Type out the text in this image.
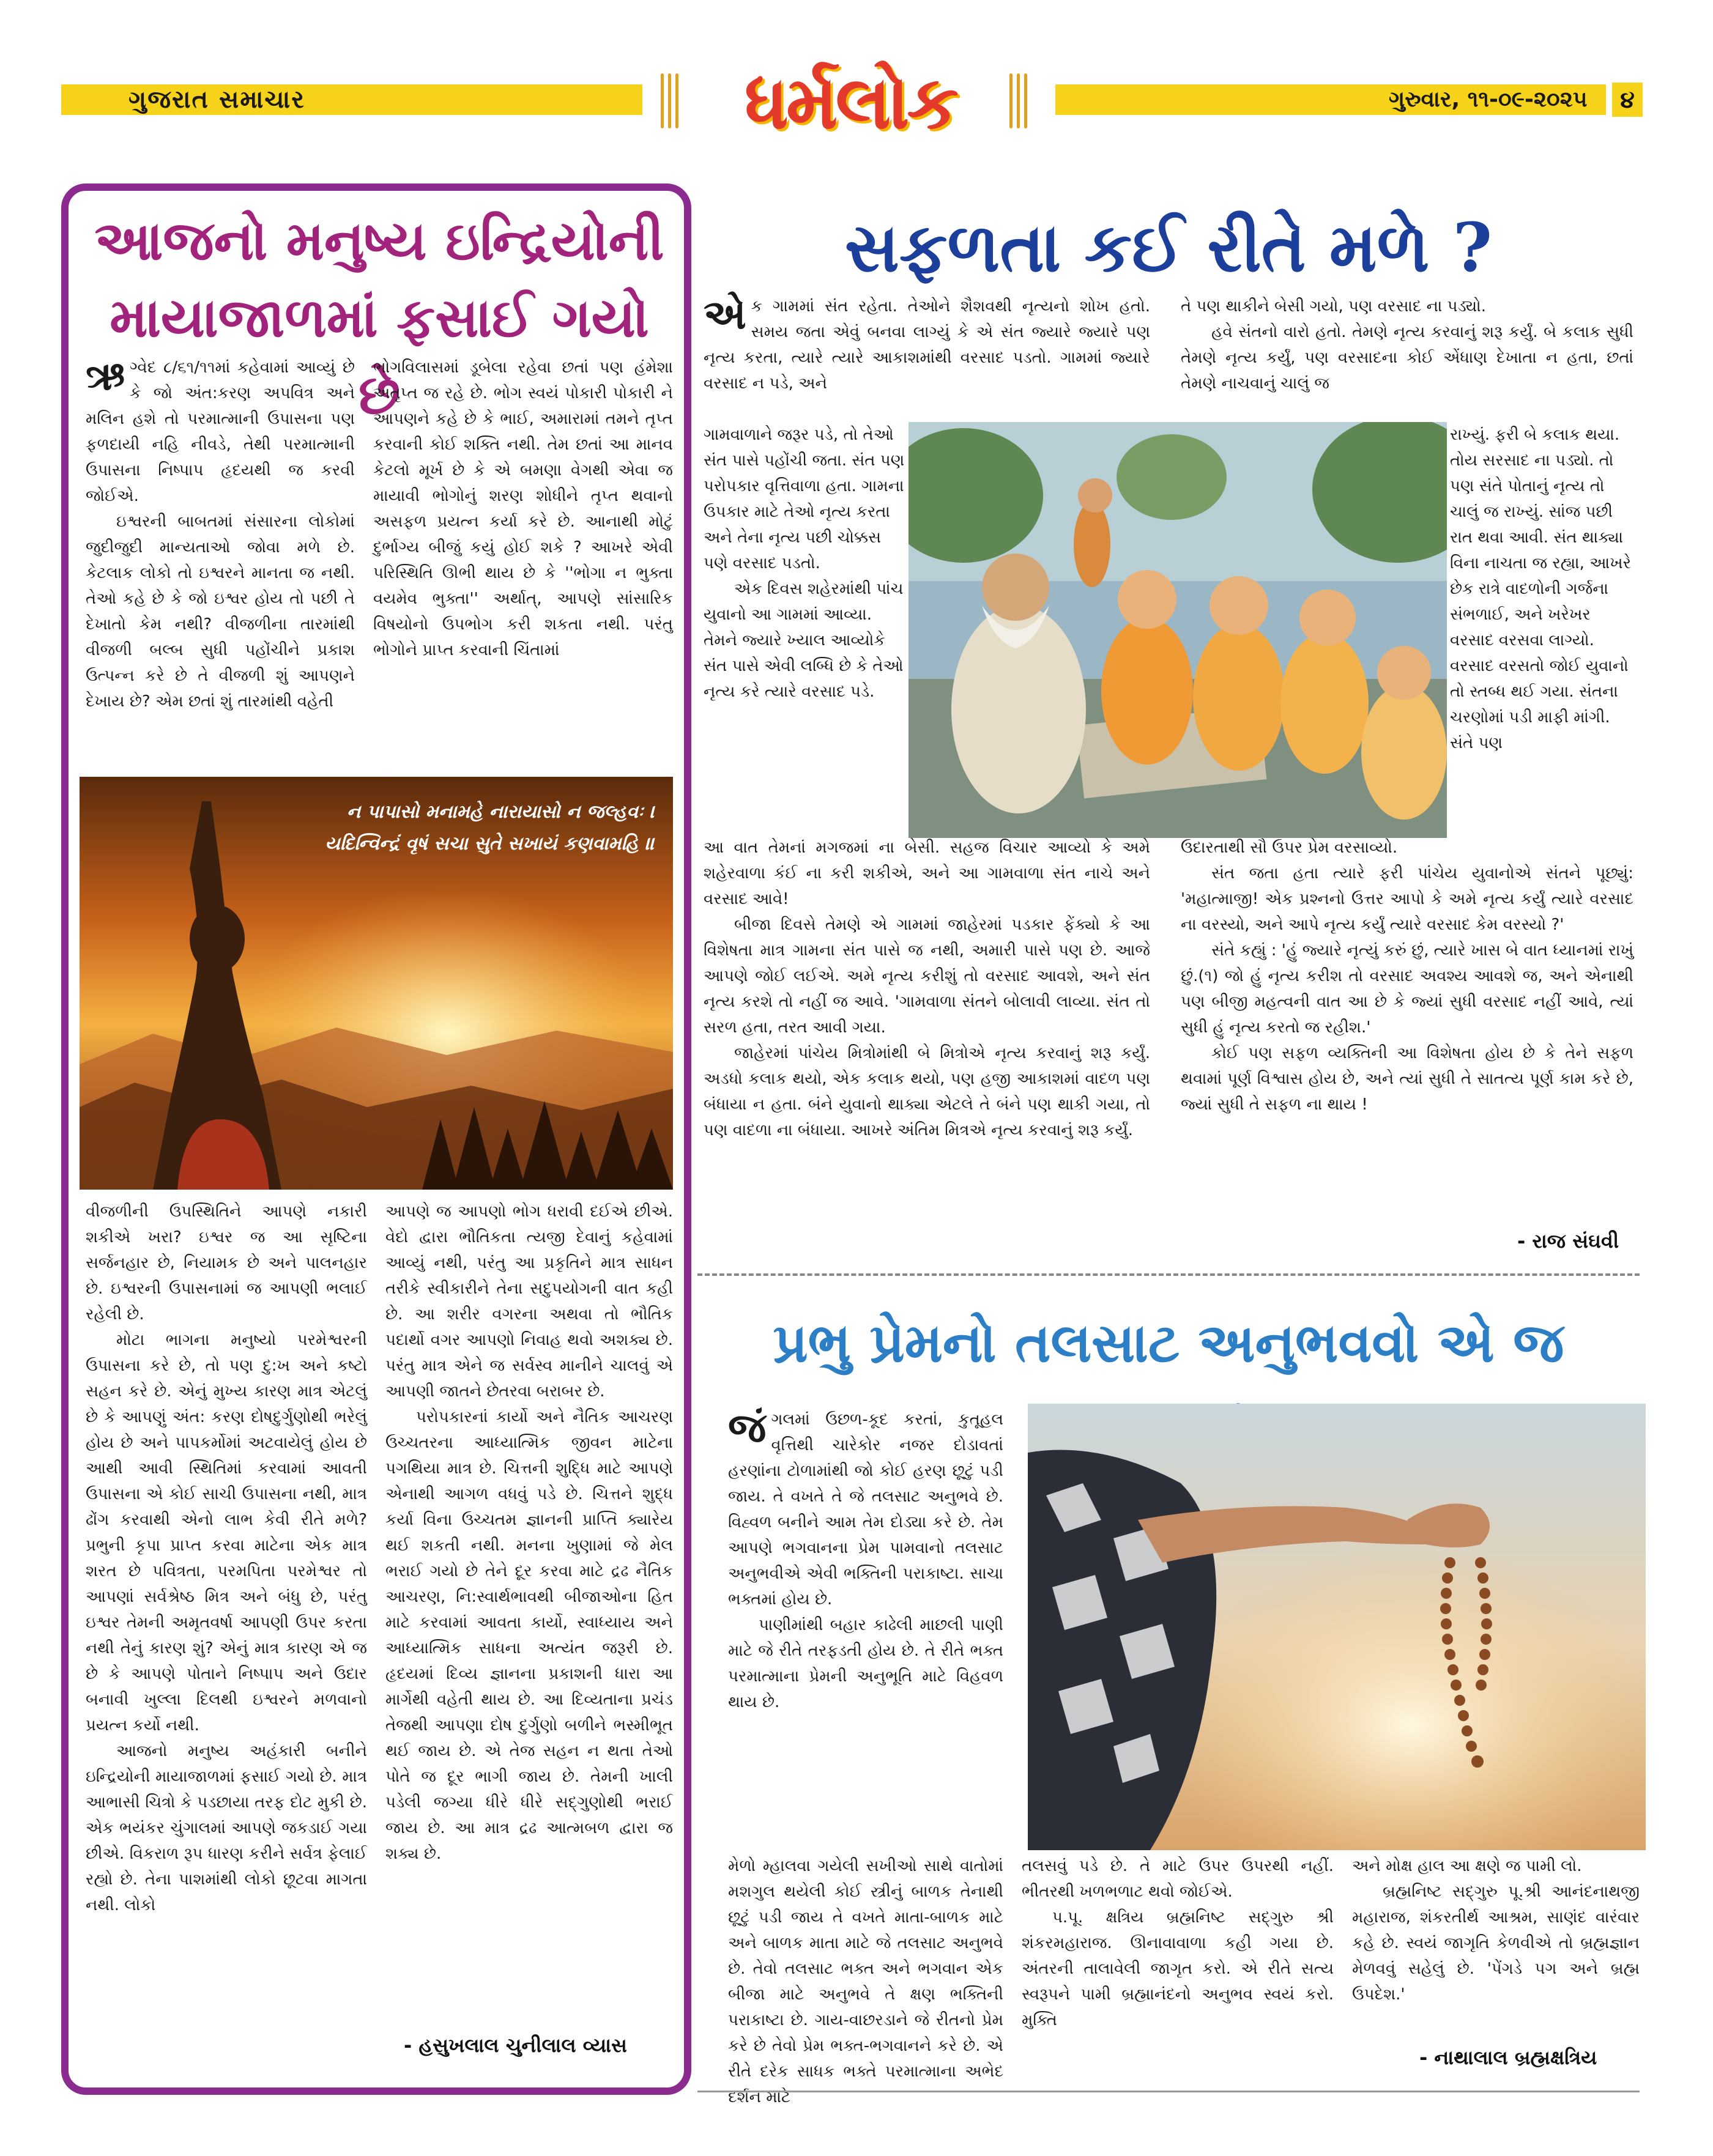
ગુજરાત સમાચાર	ધર્મલોક	ગુરુવાર, ૧૧-૦૯-૨૦૨૫	૪
આજનો મનુષ્ય ઇન્દ્રિયોની માયાજાળમાં ફસાઈ ગયો છે

ઋગ્વેદ ૮/૬૧/૧૧માં કહેવામાં આવ્યું છે કે જો અંત:કરણ અપવિત્ર અને મલિન હશે તો પરમાત્માની ઉપાસના પણ ફળદાયી નહિ નીવડે, તેથી પરમાત્માની ઉપાસના નિષ્પાપ હૃદયથી જ કરવી જોઈએ.

ઇશ્વરની બાબતમાં સંસારના લોકોમાં જુદીજુદી માન્યતાઓ જોવા મળે છે. કેટલાક લોકો તો ઇશ્વરને માનતા જ નથી. તેઓ કહે છે કે જો ઇશ્વર હોય તો પછી તે દેખાતો કેમ નથી? વીજળીના તારમાંથી વીજળી બલ્બ સુધી પહોંચીને પ્રકાશ ઉત્પન્ન કરે છે તે વીજળી શું આપણને દેખાય છે? એમ છતાં શું તારમાંથી વહેતી

ભોગવિલાસમાં ડૂબેલા રહેવા છતાં પણ હંમેશા અતૃપ્ત જ રહે છે. ભોગ સ્વયં પોકારી પોકારી ને આપણને કહે છે કે ભાઈ, અમારામાં તમને તૃપ્ત કરવાની કોઈ શક્તિ નથી. તેમ છતાં આ માનવ કેટલો મૂર્ખ છે કે એ બમણા વેગથી એવા જ માયાવી ભોગોનું શરણ શોધીને તૃપ્ત થવાનો અસફળ પ્રયત્ન કર્યા કરે છે. આનાથી મોટું દુર્ભાગ્ય બીજું કયું હોઈ શકે ? આખરે એવી પરિસ્થિતિ ઊભી થાય છે કે ''ભોગા ન ભુક્તા વયમેવ ભુક્તા'' અર્થાત્, આપણે સાંસારિક વિષયોનો ઉપભોગ કરી શકતા નથી. પરંતુ ભોગોને પ્રાપ્ત કરવાની ચિંતામાં

ન પાપાસો મનામહે નારાયાસો ન જલ્હવઃ ।
યદિન્વિન્દ્રં વૃષં સચા સુતે સખાયં કણવામહિ ॥

વીજળીની ઉપસ્થિતિને આપણે નકારી શકીએ ખરા? ઇશ્વર જ આ સૃષ્ટિના સર્જનહાર છે, નિયામક છે અને પાલનહાર છે. ઇશ્વરની ઉપાસનામાં જ આપણી ભલાઈ રહેલી છે.

મોટા ભાગના મનુષ્યો પરમેશ્વરની ઉપાસના કરે છે, તો પણ દુ:ખ અને કષ્ટો સહન કરે છે. એનું મુખ્ય કારણ માત્ર એટલું છે કે આપણું અંત: કરણ દોષદુર્ગુણોથી ભરેલું હોય છે અને પાપકર્મોમાં અટવાયેલું હોય છે આથી આવી સ્થિતિમાં કરવામાં આવતી ઉપાસના એ કોઈ સાચી ઉપાસના નથી, માત્ર ઢોંગ કરવાથી એનો લાભ કેવી રીતે મળે? પ્રભુની કૃપા પ્રાપ્ત કરવા માટેના એક માત્ર શરત છે પવિત્રતા, પરમપિતા પરમેશ્વર તો આપણાં સર્વશ્રેષ્ઠ મિત્ર અને બંધુ છે, પરંતુ ઇશ્વર તેમની અમૃતવર્ષા આપણી ઉપર કરતા નથી તેનું કારણ શું? એનું માત્ર કારણ એ જ છે કે આપણે પોતાને નિષ્પાપ અને ઉદાર બનાવી ખુલ્લા દિલથી ઇશ્વરને મળવાનો પ્રયત્ન કર્યો નથી.

આજનો મનુષ્ય અહંકારી બનીને ઇન્દ્રિયોની માયાજાળમાં ફસાઈ ગયો છે. માત્ર આભાસી ચિત્રો કે પડછાયા તરફ દોટ મુકી છે. એક ભયંકર ચુંગાલમાં આપણે જકડાઈ ગયા છીએ. વિકરાળ રૂપ ધારણ કરીને સર્વત્ર ફેલાઈ રહ્યો છે. તેના પાશમાંથી લોકો છૂટવા માગતા નથી. લોકો

આપણે જ આપણો ભોગ ધરાવી દઈએ છીએ. વેદો દ્વારા ભૌતિકતા ત્યજી દેવાનું કહેવામાં આવ્યું નથી, પરંતુ આ પ્રકૃતિને માત્ર સાધન તરીકે સ્વીકારીને તેના સદુપયોગની વાત કહી છે. આ શરીર વગરના અથવા તો ભૌતિક પદાર્થો વગર આપણો નિવાહ થવો અશક્ય છે. પરંતુ માત્ર એને જ સર્વસ્વ માનીને ચાલવું એ આપણી જાતને છેતરવા બરાબર છે.

પરોપકારનાં કાર્યો અને નૈતિક આચરણ ઉચ્ચતરના આધ્યાત્મિક જીવન માટેના પગથિયા માત્ર છે. ચિત્તની શુદ્ધિ માટે આપણે એનાથી આગળ વધવું પડે છે. ચિત્તને શુદ્ધ કર્યા વિના ઉચ્ચતમ જ્ઞાનની પ્રાપ્તિ ક્યારેય થઈ શકતી નથી. મનના ખુણામાં જે મેલ ભરાઈ ગયો છે તેને દૂર કરવા માટે દ્રઢ નૈતિક આચરણ, નિ:સ્વાર્થભાવથી બીજાઓના હિત માટે કરવામાં આવતા કાર્યો, સ્વાધ્યાય અને આધ્યાત્મિક સાધના અત્યંત જરૂરી છે. હૃદયમાં દિવ્ય જ્ઞાનના પ્રકાશની ધારા આ માર્ગેથી વહેતી થાય છે. આ દિવ્યતાના પ્રચંડ તેજથી આપણા દોષ દુર્ગુણો બળીને ભસ્મીભૂત થઈ જાય છે. એ તેજ સહન ન થતા તેઓ પોતે જ દૂર ભાગી જાય છે. તેમની ખાલી પડેલી જગ્યા ધીરે ધીરે સદ્ગુણોથી ભરાઈ જાય છે. આ માત્ર દ્રઢ આત્મબળ દ્વારા જ શક્ય છે.

- હસુખલાલ ચુનીલાલ વ્યાસ
સફળતા કઈ રીતે મળે ?

એક ગામમાં સંત રહેતા. તેઓને શૈશવથી નૃત્યનો શોખ હતો. સમય જતા એવું બનવા લાગ્યું કે એ સંત જ્યારે જ્યારે પણ નૃત્ય કરતા, ત્યારે ત્યારે આકાશમાંથી વરસાદ પડતો. ગામમાં જ્યારે વરસાદ ન પડે, અને

તે પણ થાકીને બેસી ગયો, પણ વરસાદ ના પડ્યો.

હવે સંતનો વારો હતો. તેમણે નૃત્ય કરવાનું શરૂ કર્યું. બે કલાક સુધી તેમણે નૃત્ય કર્યું, પણ વરસાદના કોઈ એંધાણ દેખાતા ન હતા, છતાં તેમણે નાચવાનું ચાલું જ

ગામવાળાને જરૂર પડે, તો તેઓ સંત પાસે પહોંચી જતા. સંત પણ પરોપકાર વૃત્તિવાળા હતા. ગામના ઉપકાર માટે તેઓ નૃત્ય કરતા અને તેના નૃત્ય પછી ચોક્કસ પણે વરસાદ પડતો.

એક દિવસ શહેરમાંથી પાંચ યુવાનો આ ગામમાં આવ્યા. તેમને જ્યારે ખ્યાલ આવ્યોકે સંત પાસે એવી લબ્ધિ છે કે તેઓ નૃત્ય કરે ત્યારે વરસાદ પડે.

રાખ્યું. ફરી બે કલાક થયા. તોય સરસાદ ના પડ્યો. તો પણ સંતે પોતાનું નૃત્ય તો ચાલું જ રાખ્યું. સાંજ પછી રાત થવા આવી. સંત થાક્યા વિના નાચતા જ રહ્યા, આખરે છેક રાત્રે વાદળોની ગર્જના સંભળાઈ, અને ખરેખર વરસાદ વરસવા લાગ્યો. વરસાદ વરસતો જોઈ યુવાનો તો સ્તબ્ધ થઈ ગયા. સંતના ચરણોમાં પડી માફી માંગી. સંતે પણ

આ વાત તેમનાં મગજમાં ના બેસી. સહજ વિચાર આવ્યો કે અમે શહેરવાળા કંઈ ના કરી શકીએ, અને આ ગામવાળા સંત નાચે અને વરસાદ આવે!

બીજા દિવસે તેમણે એ ગામમાં જાહેરમાં પડકાર ફેંક્યો કે આ વિશેષતા માત્ર ગામના સંત પાસે જ નથી, અમારી પાસે પણ છે. આજે આપણે જોઈ લઈએ. અમે નૃત્ય કરીશું તો વરસાદ આવશે, અને સંત નૃત્ય કરશે તો નહીં જ આવે. 'ગામવાળા સંતને બોલાવી લાવ્યા. સંત તો સરળ હતા, તરત આવી ગયા.

જાહેરમાં પાંચેય મિત્રોમાંથી બે મિત્રોએ નૃત્ય કરવાનું શરૂ કર્યું. અડધો કલાક થયો, એક કલાક થયો, પણ હજી આકાશમાં વાદળ પણ બંધાયા ન હતા. બંને યુવાનો થાક્યા એટલે તે બંને પણ થાકી ગયા, તો પણ વાદળા ના બંધાયા. આખરે અંતિમ મિત્રએ નૃત્ય કરવાનું શરૂ કર્યું.

ઉદારતાથી સૌ ઉપર પ્રેમ વરસાવ્યો.

સંત જતા હતા ત્યારે ફરી પાંચેય યુવાનોએ સંતને પૂછ્યું: 'મહાત્માજી! એક પ્રશ્નનો ઉત્તર આપો કે અમે નૃત્ય કર્યું ત્યારે વરસાદ ના વરસ્યો, અને આપે નૃત્ય કર્યું ત્યારે વરસાદ કેમ વરસ્યો ?'

સંતે કહ્યું : 'હું જ્યારે નૃત્યું કરું છું, ત્યારે ખાસ બે વાત ધ્યાનમાં રાખું છું.(૧) જો હું નૃત્ય કરીશ તો વરસાદ અવશ્ય આવશે જ, અને એનાથી પણ બીજી મહત્વની વાત આ છે કે જ્યાં સુધી વરસાદ નહીં આવે, ત્યાં સુધી હું નૃત્ય કરતો જ રહીશ.'

કોઈ પણ સફળ વ્યક્તિની આ વિશેષતા હોય છે કે તેને સફળ થવામાં પૂર્ણ વિશ્વાસ હોય છે, અને ત્યાં સુધી તે સાતત્ય પૂર્ણ કામ કરે છે, જ્યાં સુધી તે સફળ ના થાય !

- રાજ સંઘવી
પ્રભુ પ્રેમનો તલસાટ અનુભવવો એ જ

જંગલમાં ઉછળ-કૂદ કરતાં, કુતૂહલ વૃત્તિથી ચારેકોર નજર દોડાવતાં હરણાંના ટોળામાંથી જો કોઈ હરણ છૂટું પડી જાય. તે વખતે તે જે તલસાટ અનુભવે છે. વિહ્વળ બનીને આમ તેમ દોડ્યા કરે છે. તેમ આપણે ભગવાનના પ્રેમ પામવાનો તલસાટ અનુભવીએ એવી ભક્તિની પરાકાષ્ટા. સાચા ભક્તમાં હોય છે.

પાણીમાંથી બહાર કાઢેલી માછલી પાણી માટે જે રીતે તરફડતી હોય છે. તે રીતે ભક્ત પરમાત્માના પ્રેમની અનુભૂતિ માટે વિહવળ થાય છે.

મેળો મ્હાલવા ગયેલી સખીઓ સાથે વાતોમાં મશગુલ થયેલી કોઈ સ્ત્રીનું બાળક તેનાથી છૂટું પડી જાય તે વખતે માતા-બાળક માટે અને બાળક માતા માટે જે તલસાટ અનુભવે છે. તેવો તલસાટ ભક્ત અને ભગવાન એક બીજા માટે અનુભવે તે ક્ષણ ભક્તિની પરાકાષ્ટા છે. ગાય-વાછરડાને જે રીતનો પ્રેમ કરે છે તેવો પ્રેમ ભક્ત-ભગવાનને કરે છે. એ રીતે દરેક સાધક ભક્તે પરમાત્માના અભેદ દર્શન માટે

તલસવું પડે છે. તે માટે ઉપર ઉપરથી નહીં. ભીતરથી ખળભળાટ થવો જોઈએ.

પ.પૂ. ક્ષત્રિય બ્રહ્મનિષ્ટ સદ્ગુરુ શ્રી શંકરમહારાજ. ઊનાવાવાળા કહી ગયા છે. અંતરની તાલાવેલી જાગૃત કરો. એ રીતે સત્ય સ્વરૂપને પામી બ્રહ્માનંદનો અનુભવ સ્વયં કરો. મુક્તિ

અને મોક્ષ હાલ આ ક્ષણે જ પામી લો.

બ્રહ્મનિષ્ટ સદ્ગુરુ પૂ.શ્રી આનંદનાથજી મહારાજ, શંકરતીર્થ આશ્રમ, સાણંદ વારંવાર કહે છે. સ્વયં જાગૃતિ કેળવીએ તો બ્રહ્મજ્ઞાન મેળવવું સહેલું છે. 'પેંગડે પગ અને બ્રહ્મ ઉપદેશ.'

- નાથાલાલ બ્રહ્મક્ષત્રિય
